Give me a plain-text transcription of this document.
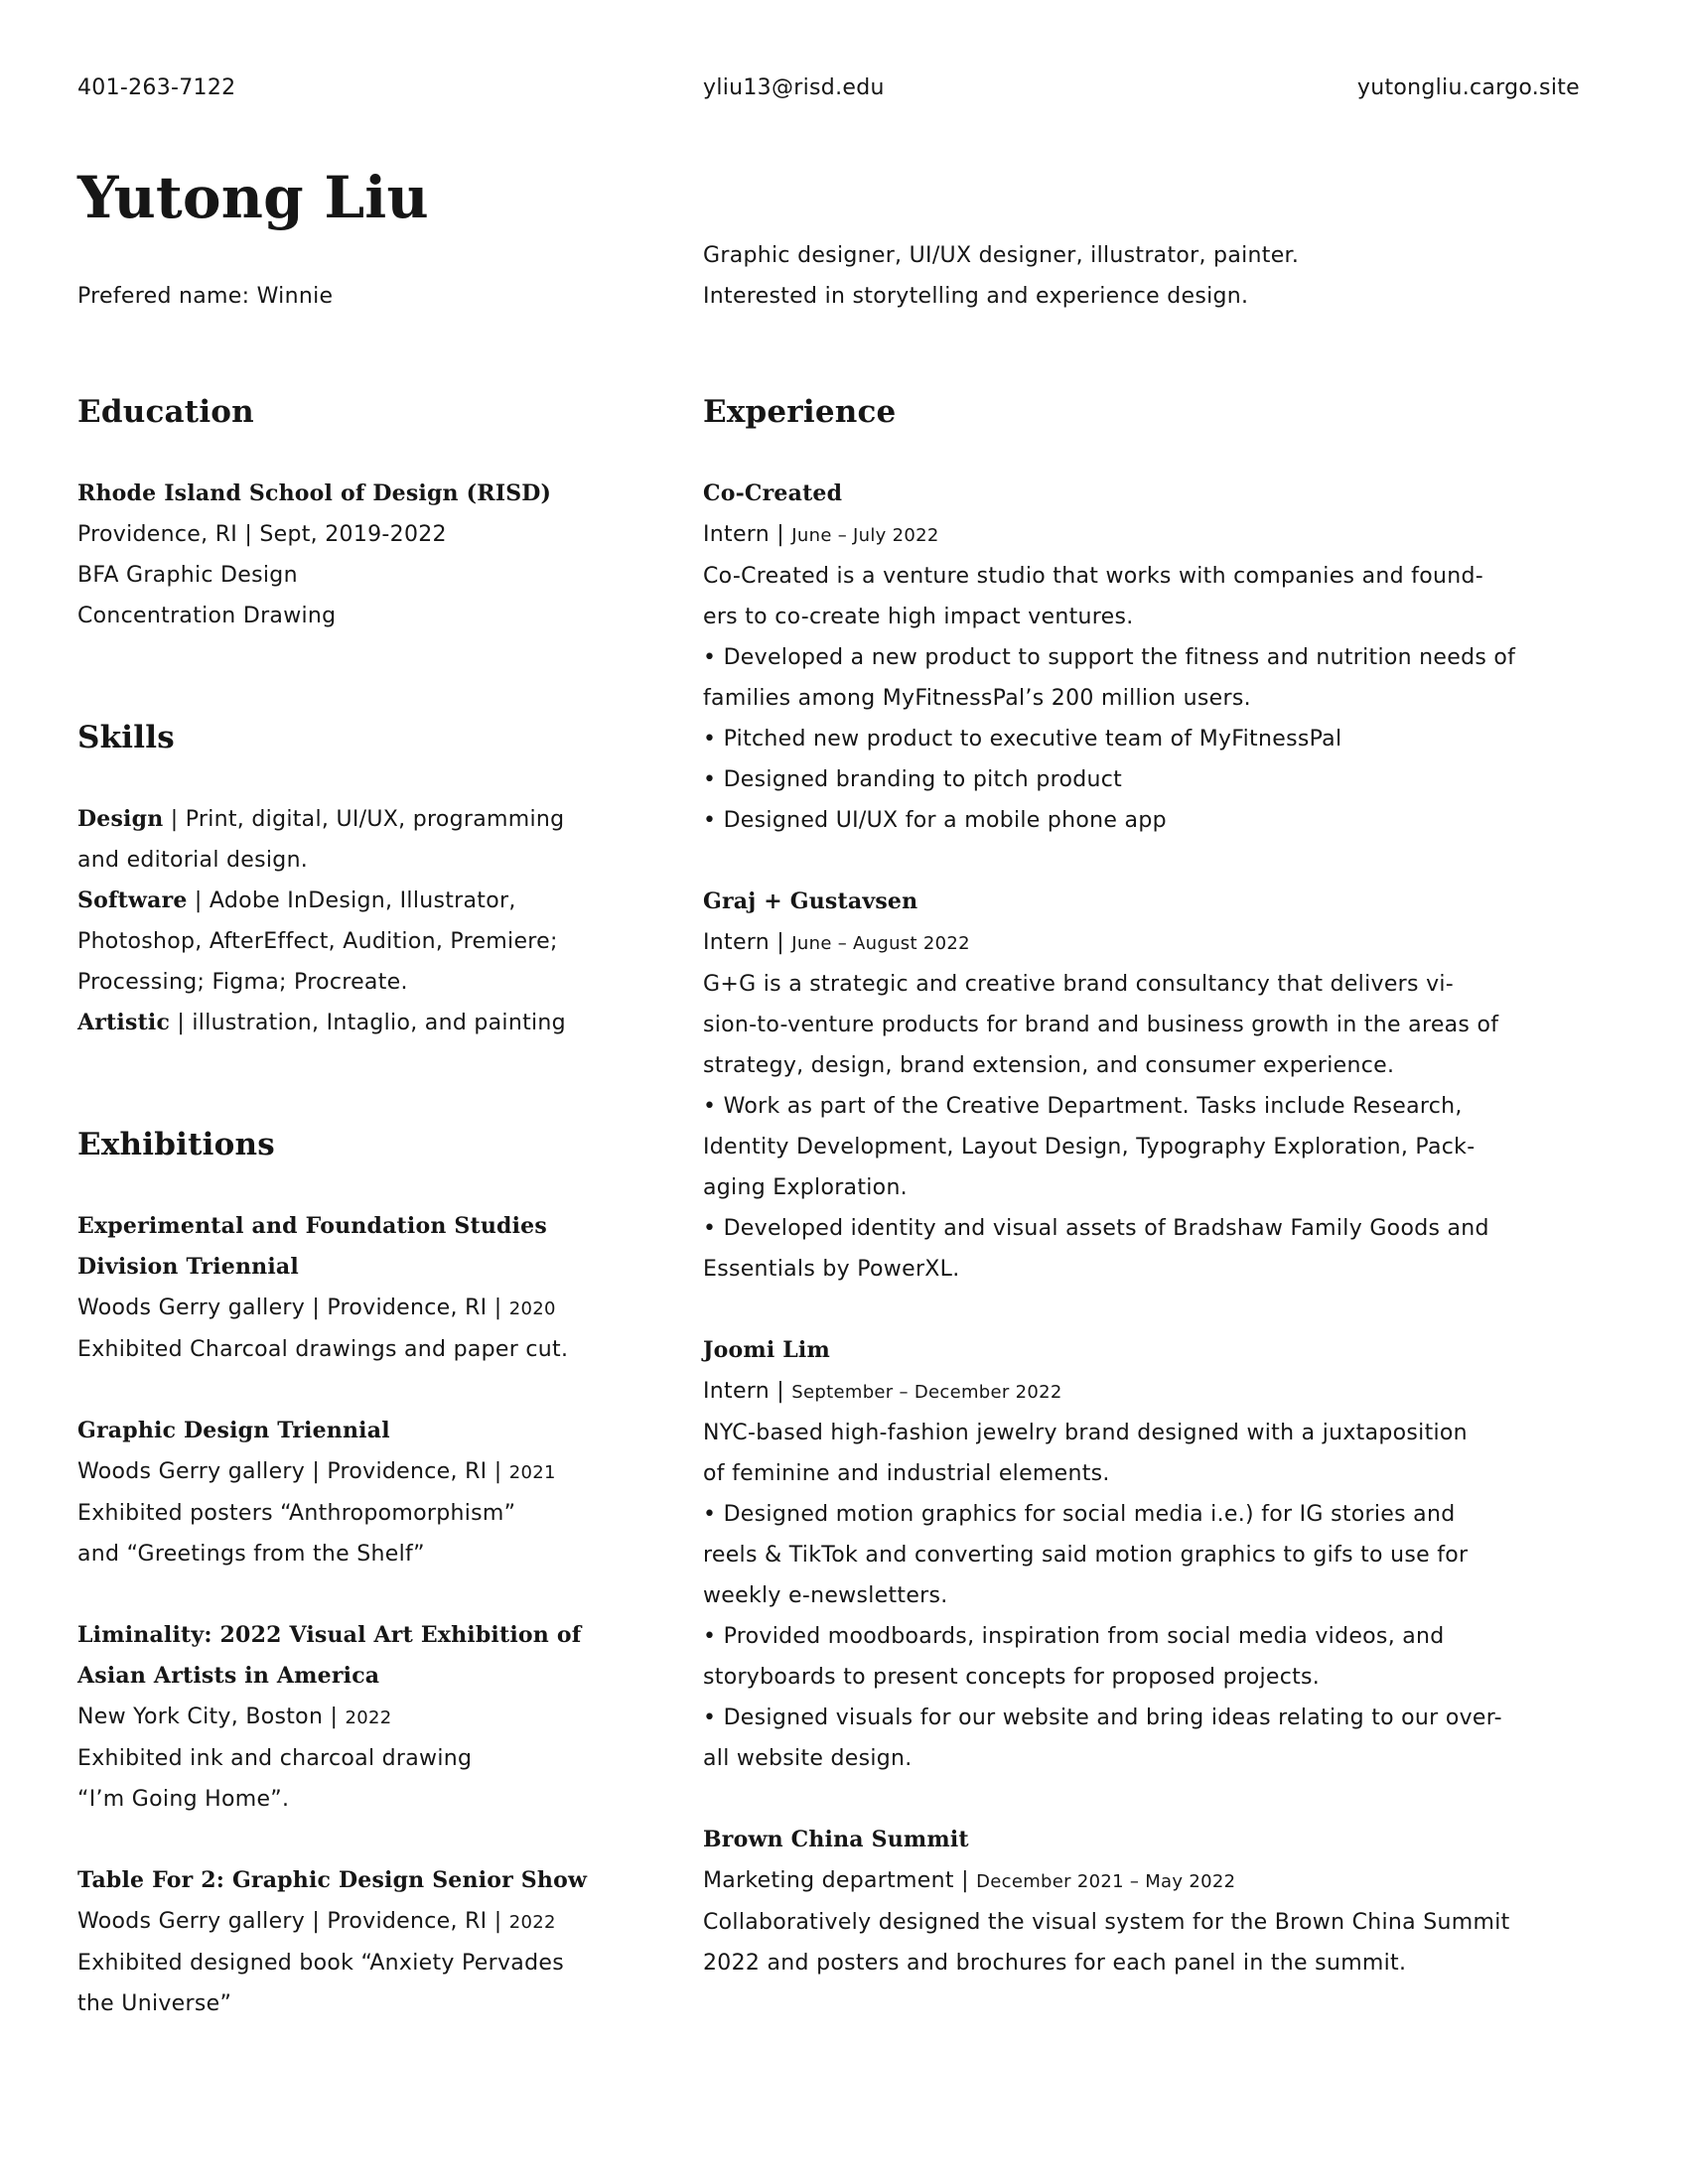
401-263-7122	yliu13@risd.edu	yutongliu.cargo.site
Yutong Liu
Prefered name: Winnie
Graphic designer, UI/UX designer, illustrator, painter.
Interested in storytelling and experience design.
Education
Rhode Island School of Design (RISD)
Providence, RI | Sept, 2019-2022
BFA Graphic Design
Concentration Drawing
Skills
Design | Print, digital, UI/UX, programming
and editorial design.
Software | Adobe InDesign, Illustrator,
Photoshop, AfterEffect, Audition, Premiere;
Processing; Figma; Procreate.
Artistic | illustration, Intaglio, and painting
Exhibitions
Experimental and Foundation Studies
Division Triennial
Woods Gerry gallery | Providence, RI | 2020
Exhibited Charcoal drawings and paper cut.
Graphic Design Triennial
Woods Gerry gallery | Providence, RI | 2021
Exhibited posters “Anthropomorphism”
and “Greetings from the Shelf”
Liminality: 2022 Visual Art Exhibition of
Asian Artists in America
New York City, Boston | 2022
Exhibited ink and charcoal drawing
“I’m Going Home”.
Table For 2: Graphic Design Senior Show
Woods Gerry gallery | Providence, RI | 2022
Exhibited designed book “Anxiety Pervades
the Universe”
Experience
Co-Created
Intern | June – July 2022
Co-Created is a venture studio that works with companies and found-
ers to co-create high impact ventures.
• Developed a new product to support the fitness and nutrition needs of
families among MyFitnessPal’s 200 million users.
• Pitched new product to executive team of MyFitnessPal
• Designed branding to pitch product
• Designed UI/UX for a mobile phone app
Graj + Gustavsen
Intern | June – August 2022
G+G is a strategic and creative brand consultancy that delivers vi-
sion-to-venture products for brand and business growth in the areas of
strategy, design, brand extension, and consumer experience.
• Work as part of the Creative Department. Tasks include Research,
Identity Development, Layout Design, Typography Exploration, Pack-
aging Exploration.
• Developed identity and visual assets of Bradshaw Family Goods and
Essentials by PowerXL.
Joomi Lim
Intern | September – December 2022
NYC-based high-fashion jewelry brand designed with a juxtaposition
of feminine and industrial elements.
• Designed motion graphics for social media i.e.) for IG stories and
reels & TikTok and converting said motion graphics to gifs to use for
weekly e-newsletters.
• Provided moodboards, inspiration from social media videos, and
storyboards to present concepts for proposed projects.
• Designed visuals for our website and bring ideas relating to our over-
all website design.
Brown China Summit
Marketing department | December 2021 – May 2022
Collaboratively designed the visual system for the Brown China Summit
2022 and posters and brochures for each panel in the summit.
